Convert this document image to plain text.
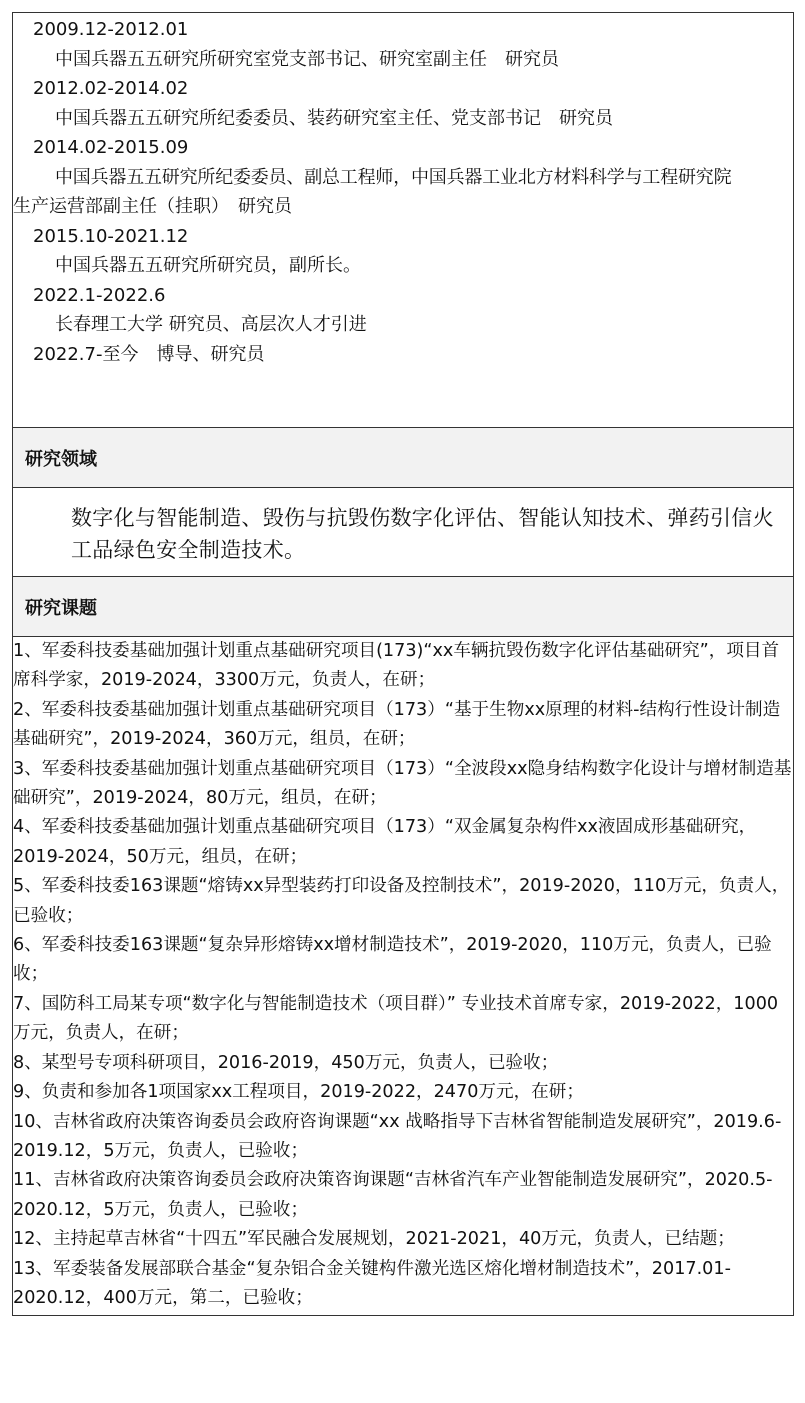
2009.12-2012.01
中国兵器五五研究所研究室党支部书记、研究室副主任　研究员
2012.02-2014.02
中国兵器五五研究所纪委委员、装药研究室主任、党支部书记　研究员
2014.02-2015.09
中国兵器五五研究所纪委委员、副总工程师，中国兵器工业北方材料科学与工程研究院
生产运营部副主任（挂职）　研究员
2015.10-2021.12
中国兵器五五研究所研究员，副所长。
2022.1-2022.6
长春理工大学 研究员、高层次人才引进
2022.7-至今　博导、研究员
研究领域
数字化与智能制造、毁伤与抗毁伤数字化评估、智能认知技术、弹药引信火工品绿色安全制造技术。
研究课题
1、军委科技委基础加强计划重点基础研究项目(173)“xx车辆抗毁伤数字化评估基础研究”，项目首席科学家，2019-2024，3300万元，负责人，在研；
2、军委科技委基础加强计划重点基础研究项目（173）“基于生物xx原理的材料-结构行性设计制造基础研究”，2019-2024，360万元，组员，在研；
3、军委科技委基础加强计划重点基础研究项目（173）“全波段xx隐身结构数字化设计与增材制造基础研究”，2019-2024，80万元，组员，在研；
4、军委科技委基础加强计划重点基础研究项目（173）“双金属复杂构件xx液固成形基础研究，2019-2024，50万元，组员，在研；
5、军委科技委163课题“熔铸xx异型装药打印设备及控制技术”，2019-2020，110万元，负责人，已验收；
6、军委科技委163课题“复杂异形熔铸xx增材制造技术”，2019-2020，110万元，负责人，已验收；
7、国防科工局某专项“数字化与智能制造技术（项目群）” 专业技术首席专家，2019-2022，1000万元，负责人，在研；
8、某型号专项科研项目，2016-2019，450万元，负责人，已验收；
9、负责和参加各1项国家xx工程项目，2019-2022，2470万元，在研；
10、吉林省政府决策咨询委员会政府咨询课题“xx 战略指导下吉林省智能制造发展研究”，2019.6-2019.12，5万元，负责人，已验收；
11、吉林省政府决策咨询委员会政府决策咨询课题“吉林省汽车产业智能制造发展研究”，2020.5-2020.12，5万元，负责人，已验收；
12、主持起草吉林省“十四五”军民融合发展规划，2021-2021，40万元，负责人，已结题；
13、军委装备发展部联合基金“复杂铝合金关键构件激光选区熔化增材制造技术”，2017.01-2020.12，400万元，第二，已验收；
